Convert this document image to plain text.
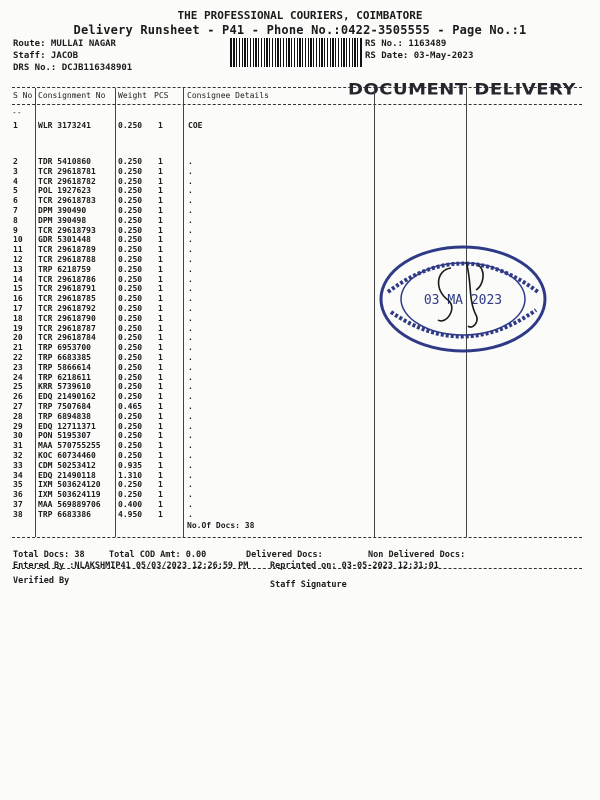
THE PROFESSIONAL COURIERS, COIMBATORE
Delivery Runsheet - P41 - Phone No.:0422-3505555 - Page No.:1
Route: MULLAI NAGAR
Staff: JACOB
DRS No.: DCJB116348901
RS No.: 1163489
RS Date: 03-May-2023
DOCUMENT DELIVERY
--
S No Consignment No Weight PCS Consignee Details
1	WLR 3173241	0.250 1	COE
2	TDR 5410860	0.250 1	.
3	TCR 29618781	0.250 1	.
4	TCR 29618782	0.250 1	.
5	POL 1927623	0.250 1	.
6	TCR 29618783	0.250 1	.
7	DPM 390490	0.250 1	.
8	DPM 390498	0.250 1	.
9	TCR 29618793	0.250 1	.
10 GDR 5301448	0.250 1	.
11 TCR 29618789	0.250 1	.
12 TCR 29618788	0.250 1	.
13 TRP 6218759	0.250 1	.
14 TCR 29618786	0.250 1	.
15 TCR 29618791	0.250 1	.
16 TCR 29618785	0.250 1	.
17 TCR 29618792	0.250 1	.
18 TCR 29618790	0.250 1	.
19 TCR 29618787	0.250 1	.
20 TCR 29618784	0.250 1	.
21 TRP 6953700	0.250 1	.
22 TRP 6683385	0.250 1	.
23 TRP 5866614	0.250 1	.
24 TRP 6218611	0.250 1	.
25 KRR 5739610	0.250 1	.
26 EDQ 21490162	0.250 1	.
27 TRP 7507684	0.465 1	.
28 TRP 6894838	0.250 1	.
29 EDQ 12711371	0.250 1	.
30 PON 5195307	0.250 1	.
31 MAA 570755255 0.250 1	.
32 KOC 60734460	0.250 1	.
33 CDM 50253412	0.935 1	.
34 EDQ 21490118	1.310 1	.
35 IXM 503624120 0.250 1	.
36 IXM 503624119 0.250 1	.
37 MAA 569889706 0.400 1	.
38 TRP 6683386	4.950 1	.
No.Of Docs: 38
03 MA 2023
Total Docs: 38	Total COD Amt: 0.00	Delivered Docs:	Non Delivered Docs:
Entered By :NLAKSHMIP41 05/03/2023 12:26:59 PM	Reprinted on: 03-05-2023 12:31:01
Verified By	Staff Signature
